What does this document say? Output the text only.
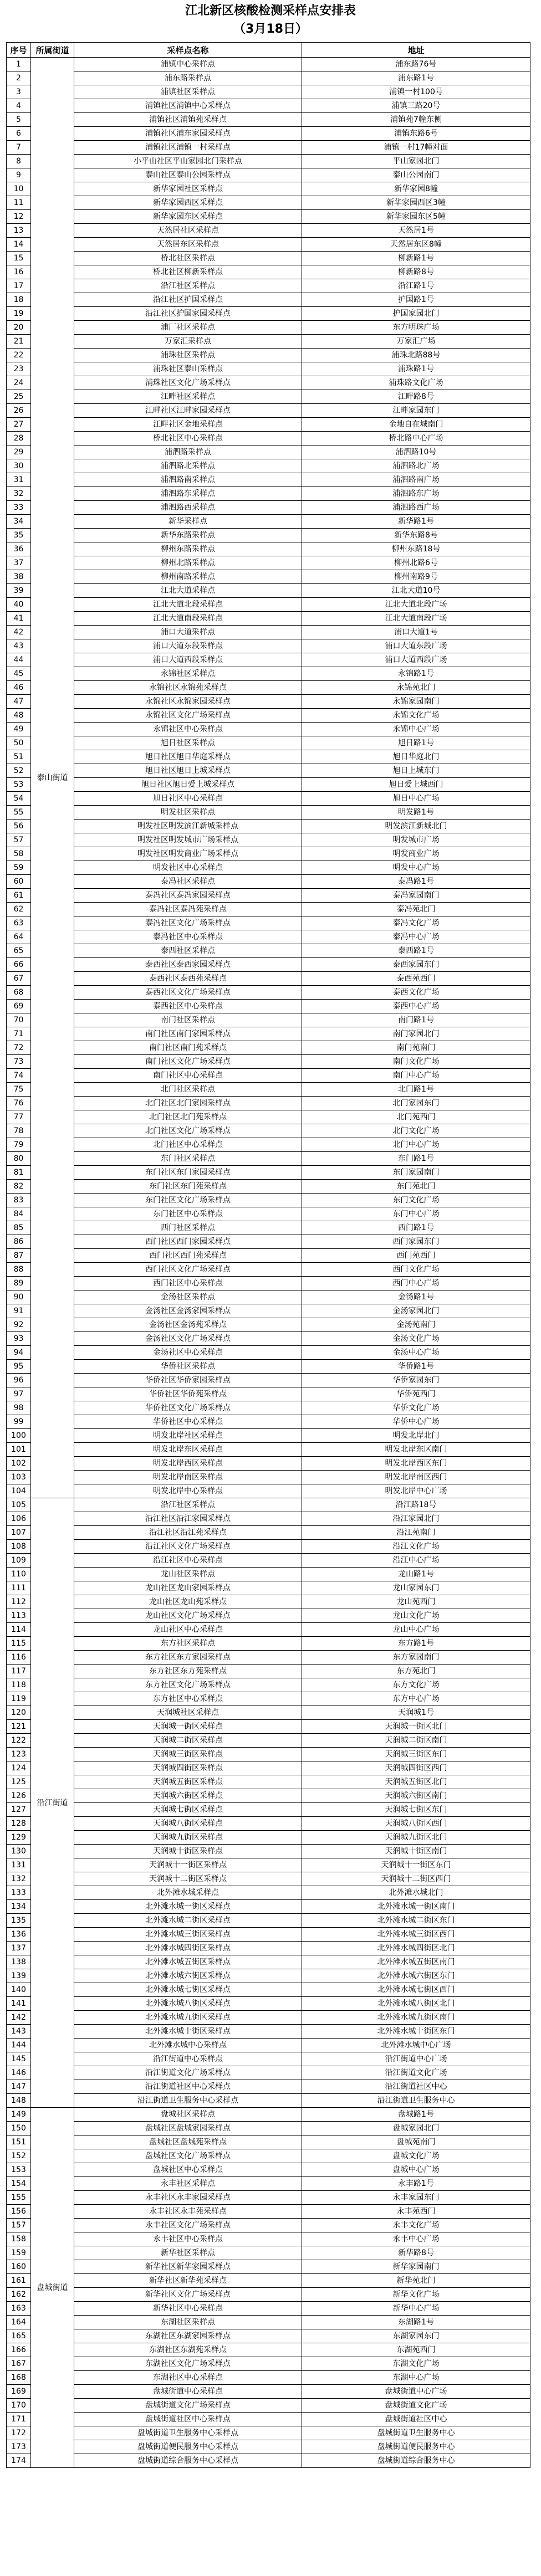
江北新区核酸检测采样点安排表
（3月18日）
序号	所属街道	采样点名称	地址
1	泰山街道	浦镇中心采样点	浦东路76号
2		浦东路采样点	浦东路1号
3		浦镇社区采样点	浦镇一村100号
4		浦镇社区浦镇中心采样点	浦镇三路20号
5		浦镇社区浦镇苑采样点	浦镇苑7幢东侧
6		浦镇社区浦东家园采样点	浦镇东路6号
7		浦镇社区浦镇一村采样点	浦镇一村17幢对面
8		小平山社区平山家园北门采样点	平山家园北门
9		泰山社区泰山公园采样点	泰山公园南门
10		新华家园社区采样点	新华家园8幢
11		新华家园西区采样点	新华家园西区3幢
12		新华家园东区采样点	新华家园东区5幢
13		天然居社区采样点	天然居1号
14		天然居东区采样点	天然居东区8幢
15		桥北社区采样点	柳新路1号
16		桥北社区柳新采样点	柳新路8号
17		沿江社区采样点	沿江路1号
18		沿江社区护国采样点	护国路1号
19		沿江社区护国家园采样点	护国家园北门
20		浦厂社区采样点	东方明珠广场
21		万家汇采样点	万家汇广场
22		浦珠社区采样点	浦珠北路88号
23		浦珠社区泰山采样点	浦珠路1号
24		浦珠社区文化广场采样点	浦珠路文化广场
25		江畔社区采样点	江畔路8号
26		江畔社区江畔家园采样点	江畔家园东门
27		江畔社区金地采样点	金地自在城南门
28		桥北社区中心采样点	桥北路中心广场
29		浦泗路采样点	浦泗路10号
30		浦泗路北采样点	浦泗路北广场
31		浦泗路南采样点	浦泗路南广场
32		浦泗路东采样点	浦泗路东广场
33		浦泗路西采样点	浦泗路西广场
34		新华采样点	新华路1号
35		新华东路采样点	新华东路8号
36		柳州东路采样点	柳州东路18号
37		柳州北路采样点	柳州北路6号
38		柳州南路采样点	柳州南路9号
39		江北大道采样点	江北大道10号
40		江北大道北段采样点	江北大道北段广场
41		江北大道南段采样点	江北大道南段广场
42		浦口大道采样点	浦口大道1号
43		浦口大道东段采样点	浦口大道东段广场
44		浦口大道西段采样点	浦口大道西段广场
45		永锦社区采样点	永锦路1号
46		永锦社区永锦苑采样点	永锦苑北门
47		永锦社区永锦家园采样点	永锦家园南门
48		永锦社区文化广场采样点	永锦文化广场
49		永锦社区中心采样点	永锦中心广场
50		旭日社区采样点	旭日路1号
51		旭日社区旭日华庭采样点	旭日华庭北门
52		旭日社区旭日上城采样点	旭日上城东门
53		旭日社区旭日爱上城采样点	旭日爱上城西门
54		旭日社区中心采样点	旭日中心广场
55		明发社区采样点	明发路1号
56		明发社区明发滨江新城采样点	明发滨江新城北门
57		明发社区明发城市广场采样点	明发城市广场
58		明发社区明发商业广场采样点	明发商业广场
59		明发社区中心采样点	明发中心广场
60		泰冯社区采样点	泰冯路1号
61		泰冯社区泰冯家园采样点	泰冯家园南门
62		泰冯社区泰冯苑采样点	泰冯苑北门
63		泰冯社区文化广场采样点	泰冯文化广场
64		泰冯社区中心采样点	泰冯中心广场
65		泰西社区采样点	泰西路1号
66		泰西社区泰西家园采样点	泰西家园东门
67		泰西社区泰西苑采样点	泰西苑西门
68		泰西社区文化广场采样点	泰西文化广场
69		泰西社区中心采样点	泰西中心广场
70		南门社区采样点	南门路1号
71		南门社区南门家园采样点	南门家园北门
72		南门社区南门苑采样点	南门苑南门
73		南门社区文化广场采样点	南门文化广场
74		南门社区中心采样点	南门中心广场
75		北门社区采样点	北门路1号
76		北门社区北门家园采样点	北门家园东门
77		北门社区北门苑采样点	北门苑西门
78		北门社区文化广场采样点	北门文化广场
79		北门社区中心采样点	北门中心广场
80		东门社区采样点	东门路1号
81		东门社区东门家园采样点	东门家园南门
82		东门社区东门苑采样点	东门苑北门
83		东门社区文化广场采样点	东门文化广场
84		东门社区中心采样点	东门中心广场
85		西门社区采样点	西门路1号
86		西门社区西门家园采样点	西门家园东门
87		西门社区西门苑采样点	西门苑西门
88		西门社区文化广场采样点	西门文化广场
89		西门社区中心采样点	西门中心广场
90		金汤社区采样点	金汤路1号
91		金汤社区金汤家园采样点	金汤家园北门
92		金汤社区金汤苑采样点	金汤苑南门
93		金汤社区文化广场采样点	金汤文化广场
94		金汤社区中心采样点	金汤中心广场
95		华侨社区采样点	华侨路1号
96		华侨社区华侨家园采样点	华侨家园东门
97		华侨社区华侨苑采样点	华侨苑西门
98		华侨社区文化广场采样点	华侨文化广场
99		华侨社区中心采样点	华侨中心广场
100		明发北岸社区采样点	明发北岸北门
101		明发北岸东区采样点	明发北岸东区南门
102		明发北岸西区采样点	明发北岸西区东门
103		明发北岸南区采样点	明发北岸南区西门
104		明发北岸中心采样点	明发北岸中心广场
105	沿江街道	沿江社区采样点	沿江路18号
106		沿江社区沿江家园采样点	沿江家园北门
107		沿江社区沿江苑采样点	沿江苑南门
108		沿江社区文化广场采样点	沿江文化广场
109		沿江社区中心采样点	沿江中心广场
110		龙山社区采样点	龙山路1号
111		龙山社区龙山家园采样点	龙山家园东门
112		龙山社区龙山苑采样点	龙山苑西门
113		龙山社区文化广场采样点	龙山文化广场
114		龙山社区中心采样点	龙山中心广场
115		东方社区采样点	东方路1号
116		东方社区东方家园采样点	东方家园南门
117		东方社区东方苑采样点	东方苑北门
118		东方社区文化广场采样点	东方文化广场
119		东方社区中心采样点	东方中心广场
120		天润城社区采样点	天润城1号
121		天润城一街区采样点	天润城一街区北门
122		天润城二街区采样点	天润城二街区南门
123		天润城三街区采样点	天润城三街区东门
124		天润城四街区采样点	天润城四街区西门
125		天润城五街区采样点	天润城五街区北门
126		天润城六街区采样点	天润城六街区南门
127		天润城七街区采样点	天润城七街区东门
128		天润城八街区采样点	天润城八街区西门
129		天润城九街区采样点	天润城九街区北门
130		天润城十街区采样点	天润城十街区南门
131		天润城十一街区采样点	天润城十一街区东门
132		天润城十二街区采样点	天润城十二街区西门
133		北外滩水城采样点	北外滩水城北门
134		北外滩水城一街区采样点	北外滩水城一街区南门
135		北外滩水城二街区采样点	北外滩水城二街区东门
136		北外滩水城三街区采样点	北外滩水城三街区西门
137		北外滩水城四街区采样点	北外滩水城四街区北门
138		北外滩水城五街区采样点	北外滩水城五街区南门
139		北外滩水城六街区采样点	北外滩水城六街区东门
140		北外滩水城七街区采样点	北外滩水城七街区西门
141		北外滩水城八街区采样点	北外滩水城八街区北门
142		北外滩水城九街区采样点	北外滩水城九街区南门
143		北外滩水城十街区采样点	北外滩水城十街区东门
144		北外滩水城中心采样点	北外滩水城中心广场
145		沿江街道中心采样点	沿江街道中心广场
146		沿江街道文化广场采样点	沿江街道文化广场
147		沿江街道社区中心采样点	沿江街道社区中心
148		沿江街道卫生服务中心采样点	沿江街道卫生服务中心
149	盘城街道	盘城社区采样点	盘城路1号
150		盘城社区盘城家园采样点	盘城家园北门
151		盘城社区盘城苑采样点	盘城苑南门
152		盘城社区文化广场采样点	盘城文化广场
153		盘城社区中心采样点	盘城中心广场
154		永丰社区采样点	永丰路1号
155		永丰社区永丰家园采样点	永丰家园东门
156		永丰社区永丰苑采样点	永丰苑西门
157		永丰社区文化广场采样点	永丰文化广场
158		永丰社区中心采样点	永丰中心广场
159		新华社区采样点	新华路8号
160		新华社区新华家园采样点	新华家园南门
161		新华社区新华苑采样点	新华苑北门
162		新华社区文化广场采样点	新华文化广场
163		新华社区中心采样点	新华中心广场
164		东湖社区采样点	东湖路1号
165		东湖社区东湖家园采样点	东湖家园东门
166		东湖社区东湖苑采样点	东湖苑西门
167		东湖社区文化广场采样点	东湖文化广场
168		东湖社区中心采样点	东湖中心广场
169		盘城街道中心采样点	盘城街道中心广场
170		盘城街道文化广场采样点	盘城街道文化广场
171		盘城街道社区中心采样点	盘城街道社区中心
172		盘城街道卫生服务中心采样点	盘城街道卫生服务中心
173		盘城街道便民服务中心采样点	盘城街道便民服务中心
174		盘城街道综合服务中心采样点	盘城街道综合服务中心
